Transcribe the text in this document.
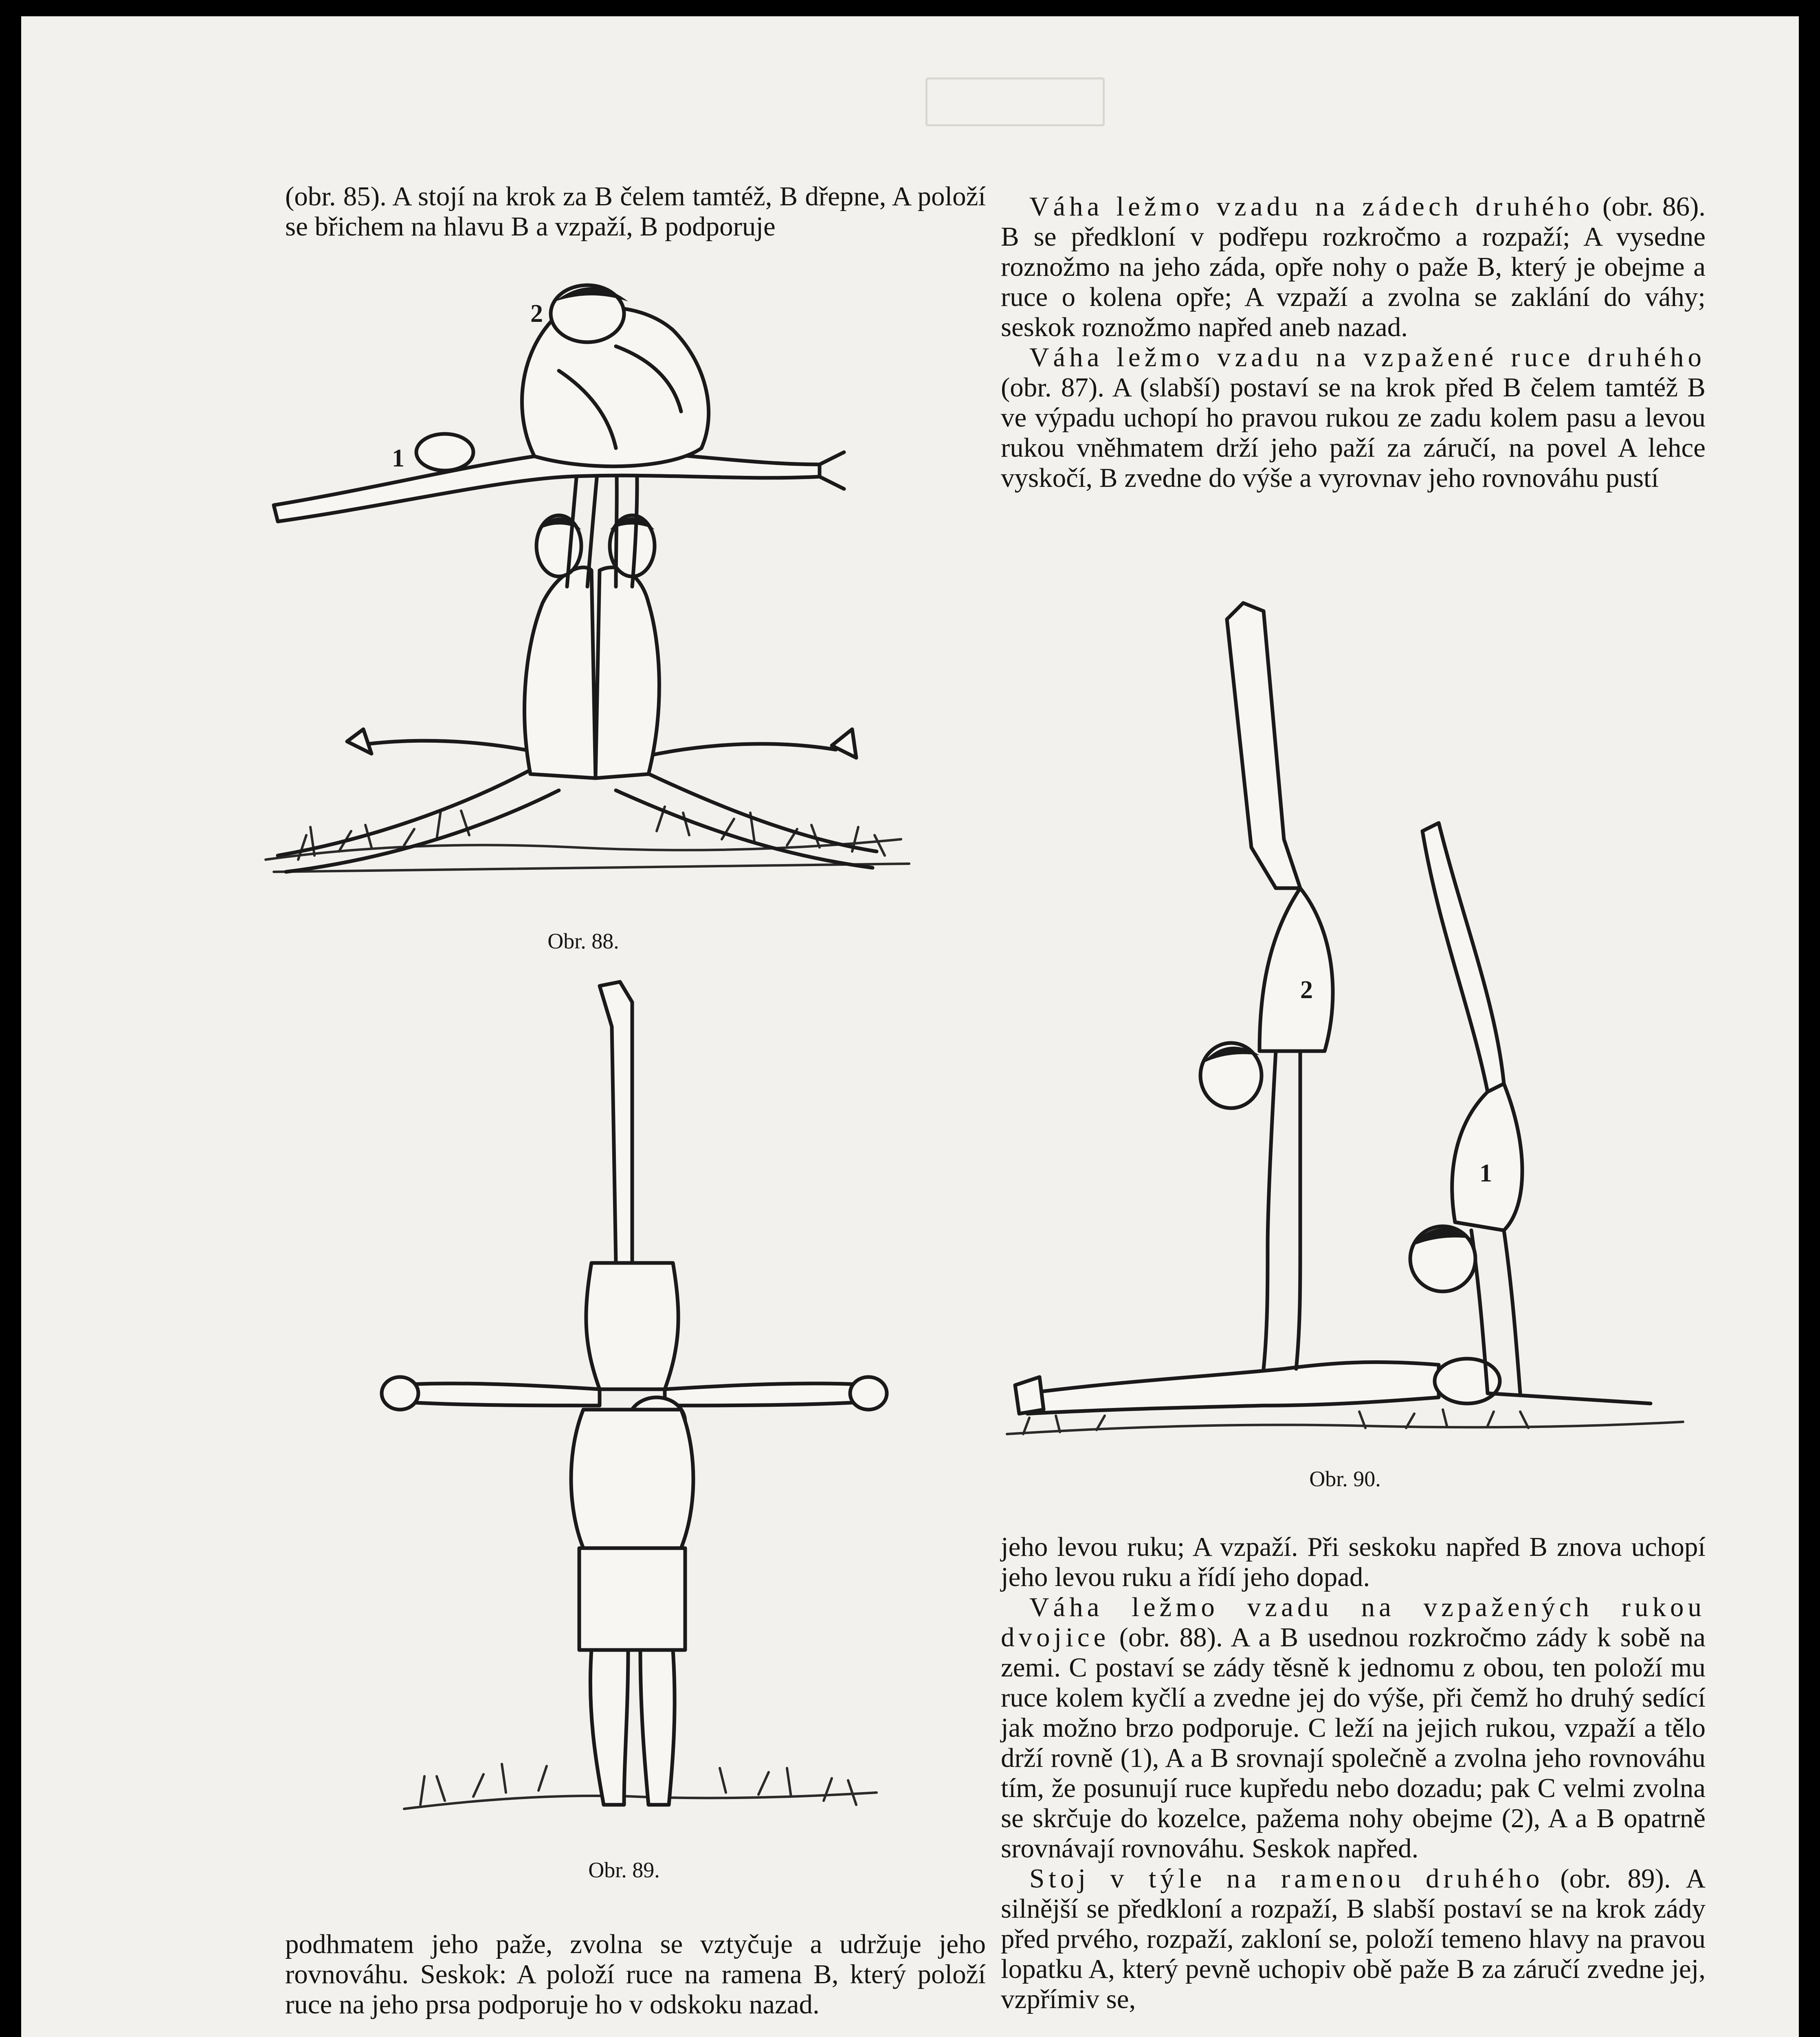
(obr. 85). A stojí na krok za B čelem tamtéž, B dřepne, A položí se břichem na hlavu B a vzpaží, B podporuje

2
1
Obr. 88.
Obr. 89.

podhmatem jeho paže, zvolna se vztyčuje a udržuje jeho rovnováhu. Seskok: A položí ruce na ramena B, který položí ruce na jeho prsa podporuje ho v odskoku nazad.

Váha ležmo vzadu na zádech druhého (obr. 86). B se předkloní v podřepu rozkročmo a rozpaží; A vysedne roznožmo na jeho záda, opře nohy o paže B, který je obejme a ruce o kolena opře; A vzpaží a zvolna se zaklání do váhy; seskok roznožmo napřed aneb nazad.

Váha ležmo vzadu na vzpažené ruce druhého (obr. 87). A (slabší) postaví se na krok před B čelem tamtéž B ve výpadu uchopí ho pravou rukou ze zadu kolem pasu a levou rukou vněhmatem drží jeho paží za záručí, na povel A lehce vyskočí, B zvedne do výše a vyrovnav jeho rovnováhu pustí

2
1
Obr. 90.

jeho levou ruku; A vzpaží. Při seskoku napřed B znova uchopí jeho levou ruku a řídí jeho dopad.

Váha ležmo vzadu na vzpažených rukou dvojice (obr. 88). A a B usednou rozkročmo zády k sobě na zemi. C postaví se zády těsně k jednomu z obou, ten položí mu ruce kolem kyčlí a zvedne jej do výše, při čemž ho druhý sedící jak možno brzo podporuje. C leží na jejich rukou, vzpaží a tělo drží rovně (1), A a B srovnají společně a zvolna jeho rovnováhu tím, že posunují ruce kupředu nebo dozadu; pak C velmi zvolna se skrčuje do kozelce, pažema nohy obejme (2), A a B opatrně srovnávají rovnováhu. Seskok napřed.

Stoj v týle na ramenou druhého (obr. 89). A silnější se předkloní a rozpaží, B slabší postaví se na krok zády před prvého, rozpaží, zakloní se, položí temeno hlavy na pravou lopatku A, který pevně uchopiv obě paže B za záručí zvedne jej, vzpřímiv se,
